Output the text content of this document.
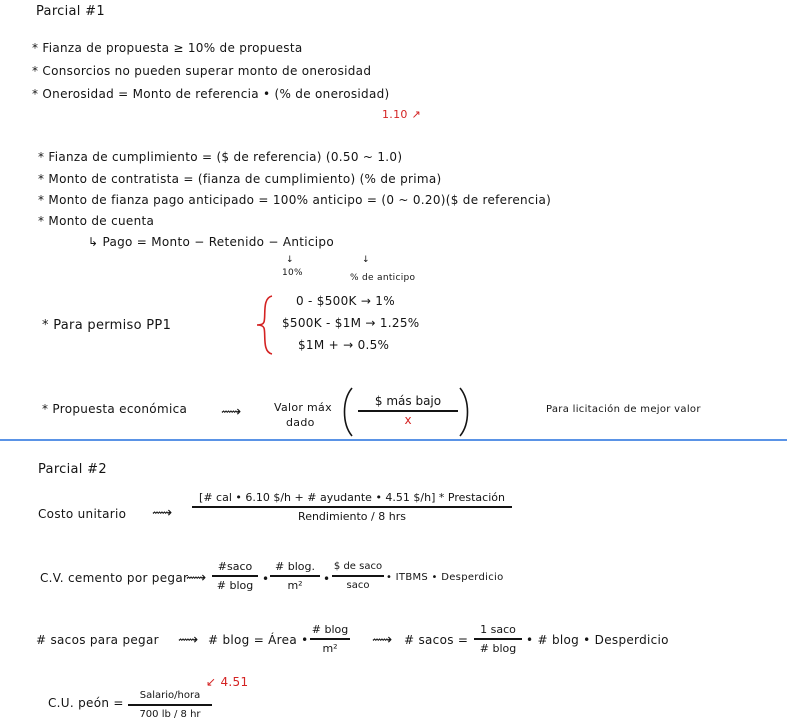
Parcial #1
* Fianza de propuesta ≥ 10% de propuesta
* Consorcios no pueden superar monto de onerosidad
* Onerosidad = Monto de referencia • (% de onerosidad)
1.10 ↗
* Fianza de cumplimiento = ($ de referencia) (0.50 ~ 1.0)
* Monto de contratista = (fianza de cumplimiento) (% de prima)
* Monto de fianza pago anticipado = 100% anticipo = (0 ~ 0.20)($ de referencia)
* Monto de cuenta
↳ Pago = Monto − Retenido − Anticipo
↓
10%
↓
% de anticipo
* Para permiso PP1
0 - $500K → 1%
$500K - $1M → 1.25%
$1M + → 0.5%
* Propuesta económica ⟿	Valor máx
dado
$ más bajo
x
Para licitación de mejor valor
Parcial #2
Costo unitario ⟿
[# cal • 6.10 $/h + # ayudante • 4.51 $/h] * Prestación
Rendimiento / 8 hrs
C.V. cemento por pegar
⟿
#saco
# blog •
# blog.
m²	•
$ de saco
saco
• ITBMS • Desperdicio
# sacos para pegar ⟿ # blog = Área •
# blog
m²	⟿ # sacos =
1 saco
# blog
• # blog • Desperdicio
C.U. peón =
Salario/hora
700 lb / 8 hr
↙ 4.51
